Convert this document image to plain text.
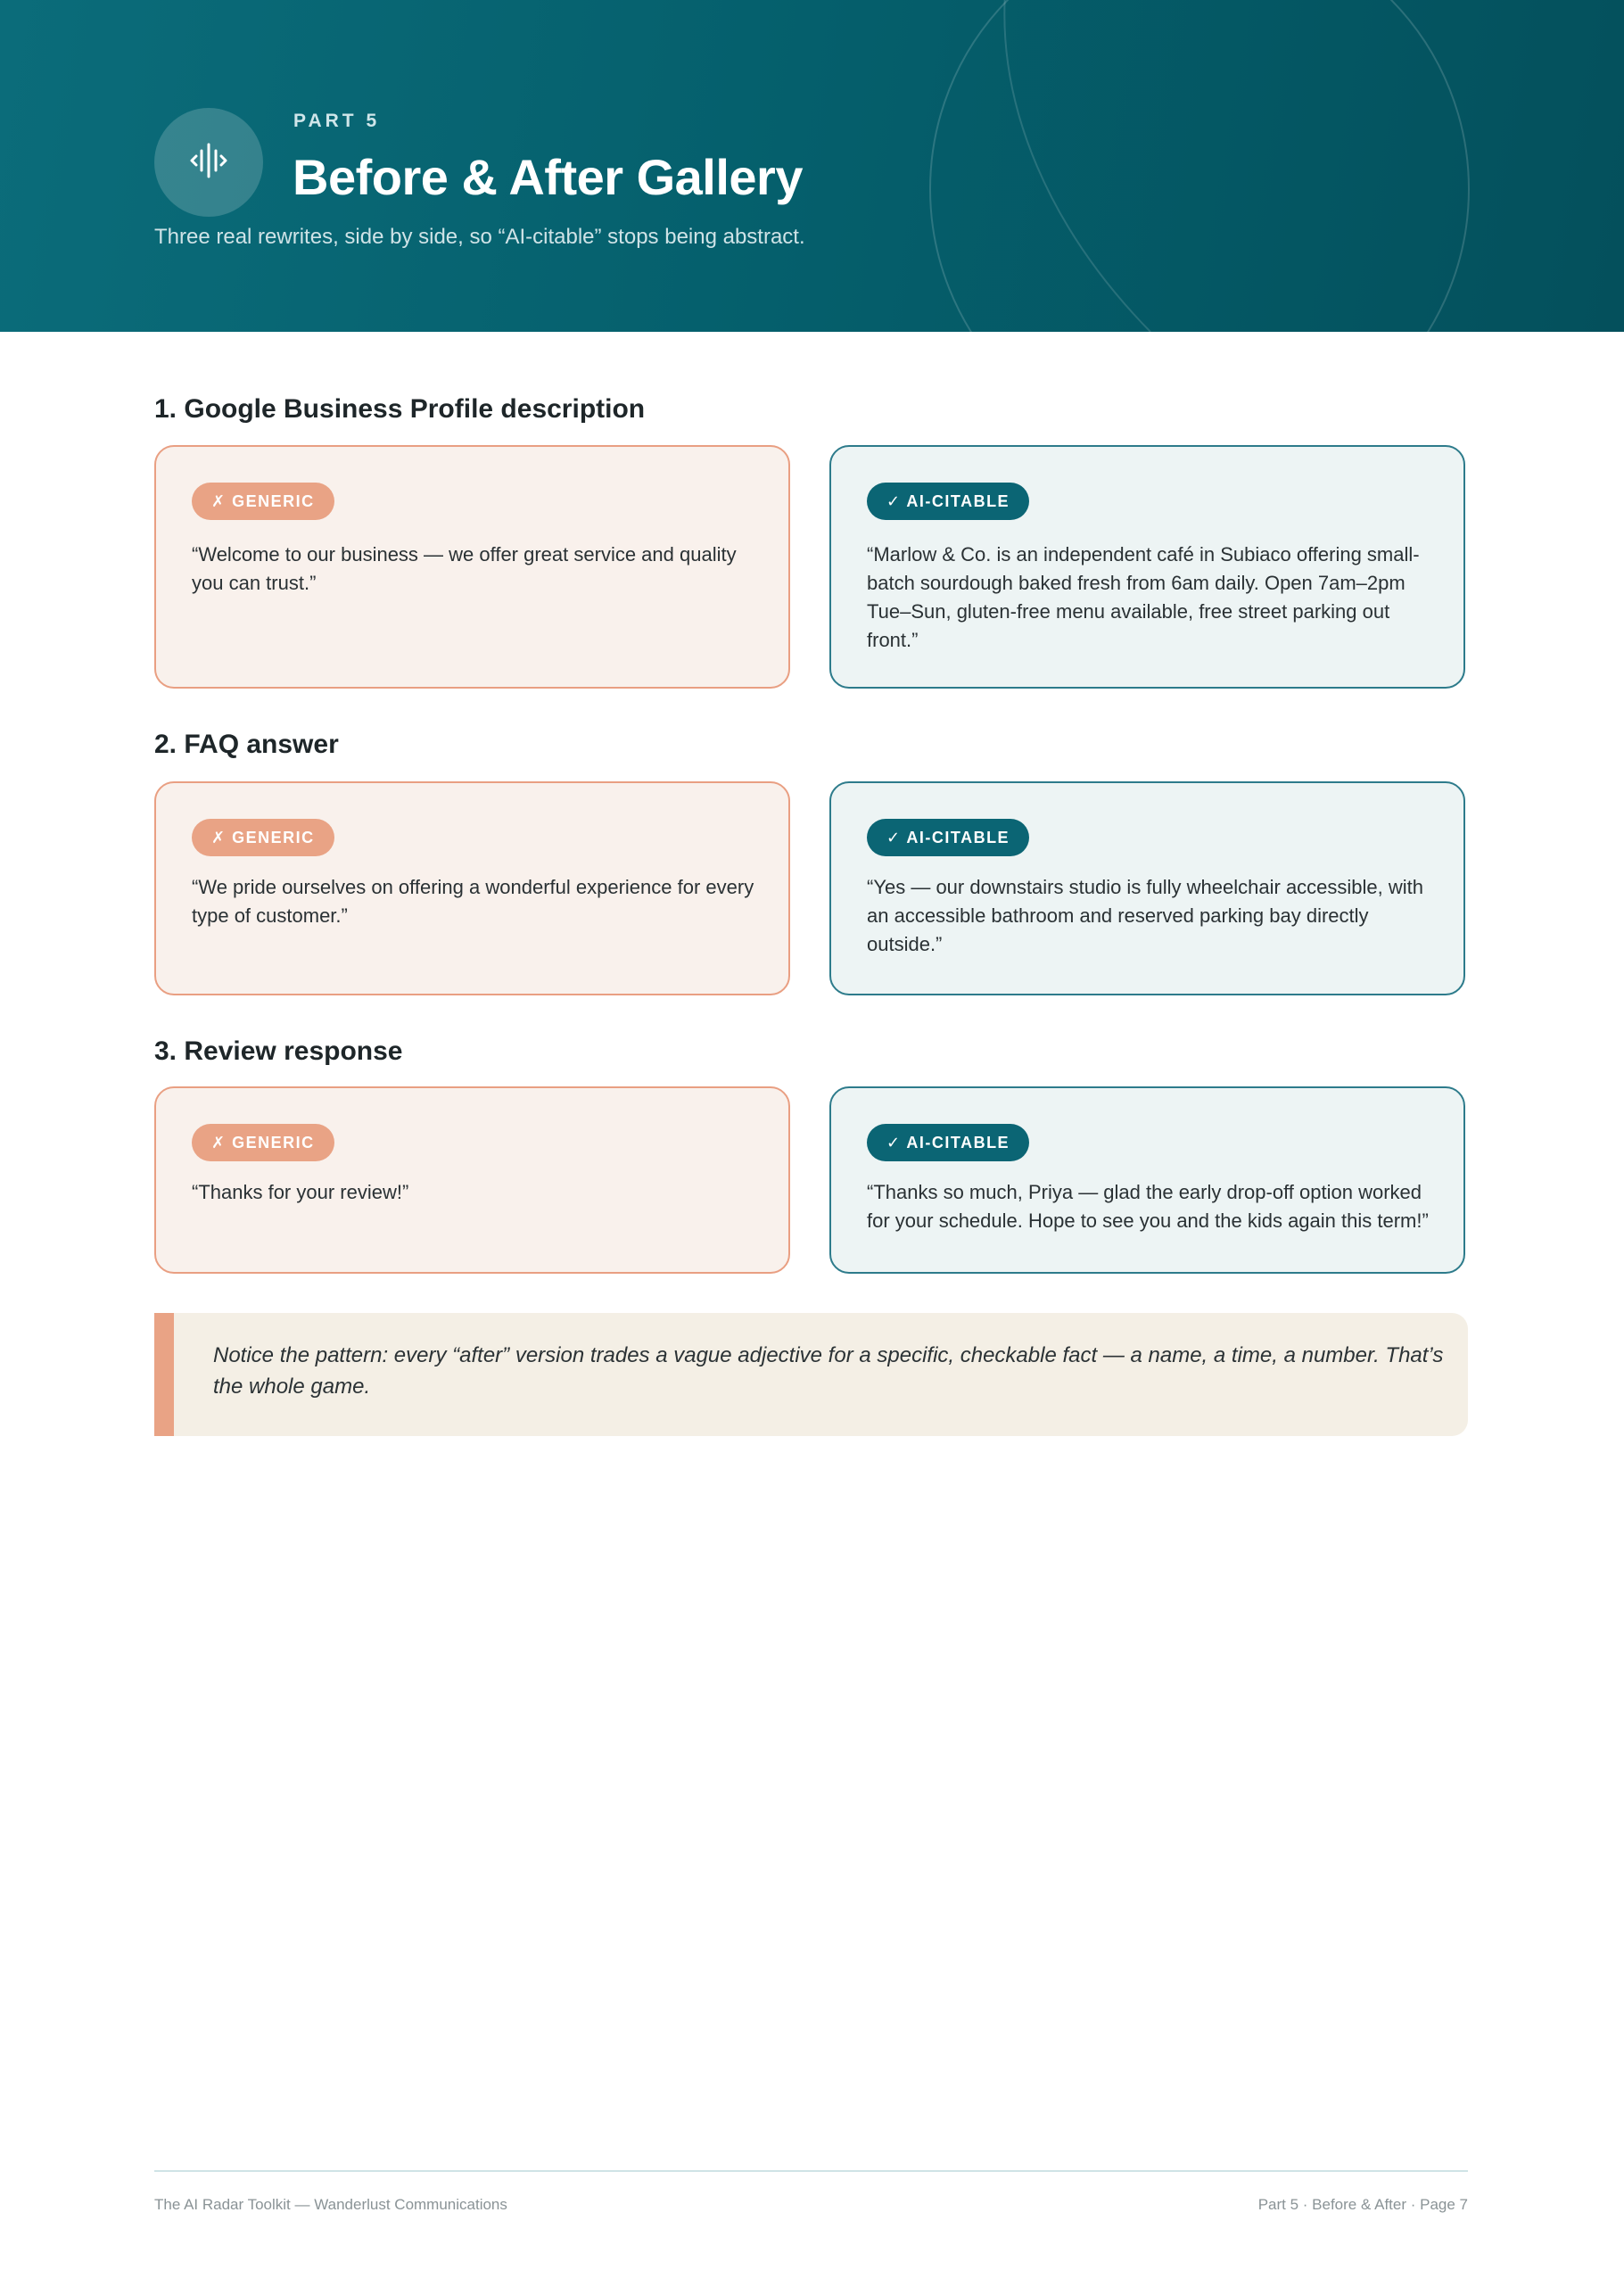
PART 5
Before & After Gallery

Three real rewrites, side by side, so “AI-citable” stops being abstract.

1. Google Business Profile description
✗ GENERIC

“Welcome to our business — we offer great service and quality you can trust.”

✓ AI-CITABLE

“Marlow & Co. is an independent café in Subiaco offering small-batch sourdough baked fresh from 6am daily. Open 7am–2pm Tue–Sun, gluten-free menu available, free street parking out front.”

2. FAQ answer
✗ GENERIC

“We pride ourselves on offering a wonderful experience for every type of customer.”

✓ AI-CITABLE

“Yes — our downstairs studio is fully wheelchair accessible, with an accessible bathroom and reserved parking bay directly outside.”

3. Review response
✗ GENERIC

“Thanks for your review!”

✓ AI-CITABLE

“Thanks so much, Priya — glad the early drop-off option worked for your schedule. Hope to see you and the kids again this term!”

Notice the pattern: every “after” version trades a vague adjective for a specific, checkable fact — a name, a time, a number. That’s the whole game.

The AI Radar Toolkit — Wanderlust Communications	Part 5 · Before & After · Page 7
